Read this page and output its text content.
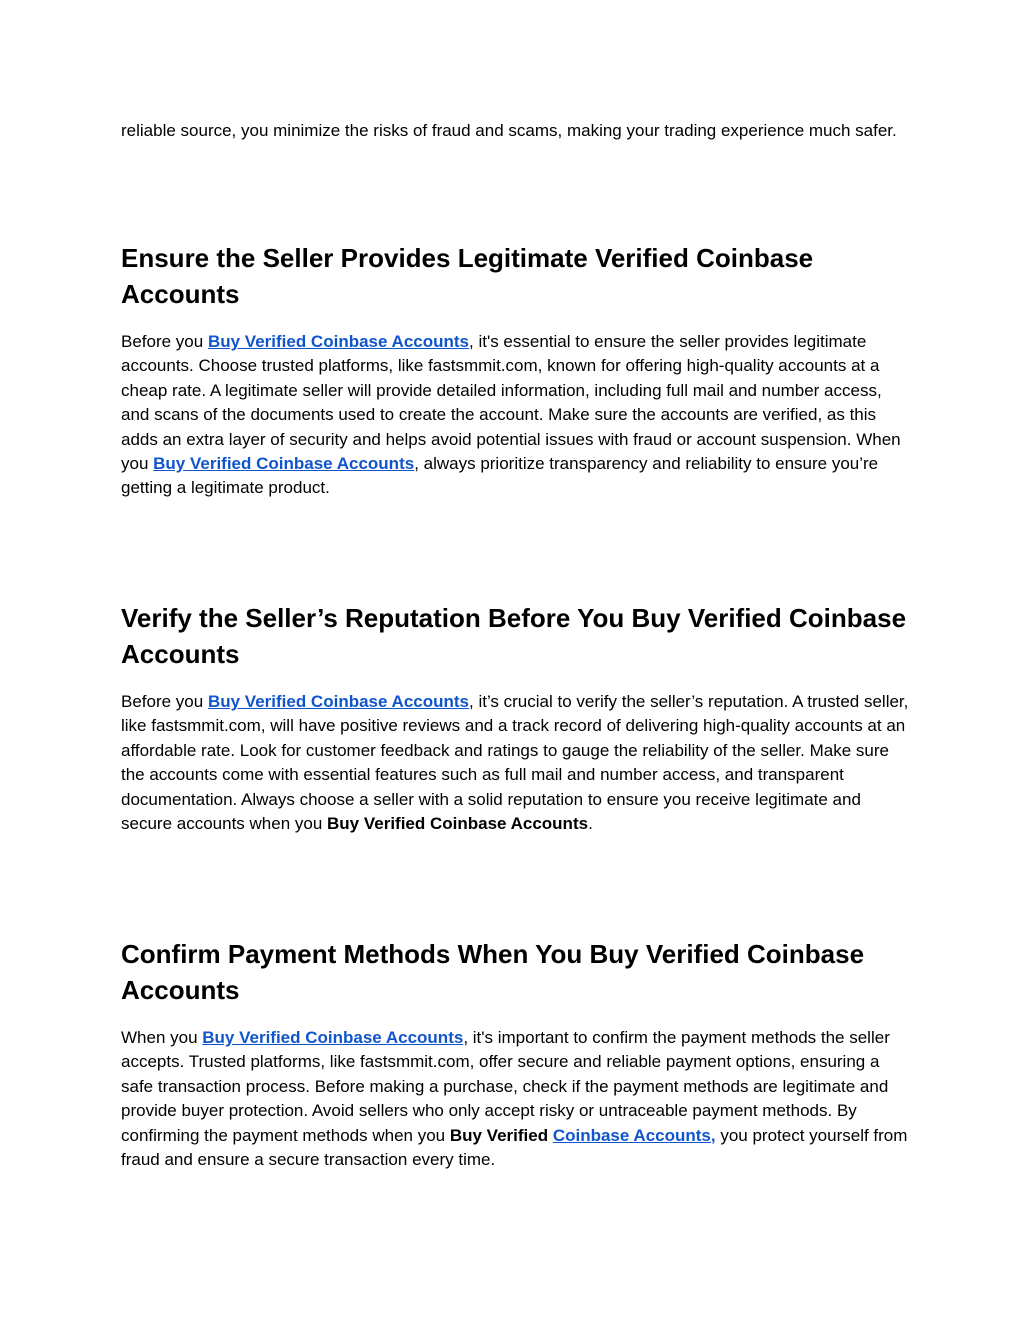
reliable source, you minimize the risks of fraud and scams, making your trading experience much safer.

Ensure the Seller Provides Legitimate Verified Coinbase Accounts

Before you Buy Verified Coinbase Accounts, it's essential to ensure the seller provides legitimate accounts. Choose trusted platforms, like fastsmmit.com, known for offering high-quality accounts at a cheap rate. A legitimate seller will provide detailed information, including full mail and number access, and scans of the documents used to create the account. Make sure the accounts are verified, as this adds an extra layer of security and helps avoid potential issues with fraud or account suspension. When you Buy Verified Coinbase Accounts, always prioritize transparency and reliability to ensure you’re getting a legitimate product.

Verify the Seller’s Reputation Before You Buy Verified Coinbase Accounts

Before you Buy Verified Coinbase Accounts, it’s crucial to verify the seller’s reputation. A trusted seller, like fastsmmit.com, will have positive reviews and a track record of delivering high-quality accounts at an affordable rate. Look for customer feedback and ratings to gauge the reliability of the seller. Make sure the accounts come with essential features such as full mail and number access, and transparent documentation. Always choose a seller with a solid reputation to ensure you receive legitimate and secure accounts when you Buy Verified Coinbase Accounts.

Confirm Payment Methods When You Buy Verified Coinbase Accounts

When you Buy Verified Coinbase Accounts, it's important to confirm the payment methods the seller accepts. Trusted platforms, like fastsmmit.com, offer secure and reliable payment options, ensuring a safe transaction process. Before making a purchase, check if the payment methods are legitimate and provide buyer protection. Avoid sellers who only accept risky or untraceable payment methods. By confirming the payment methods when you Buy Verified Coinbase Accounts, you protect yourself from fraud and ensure a secure transaction every time.
